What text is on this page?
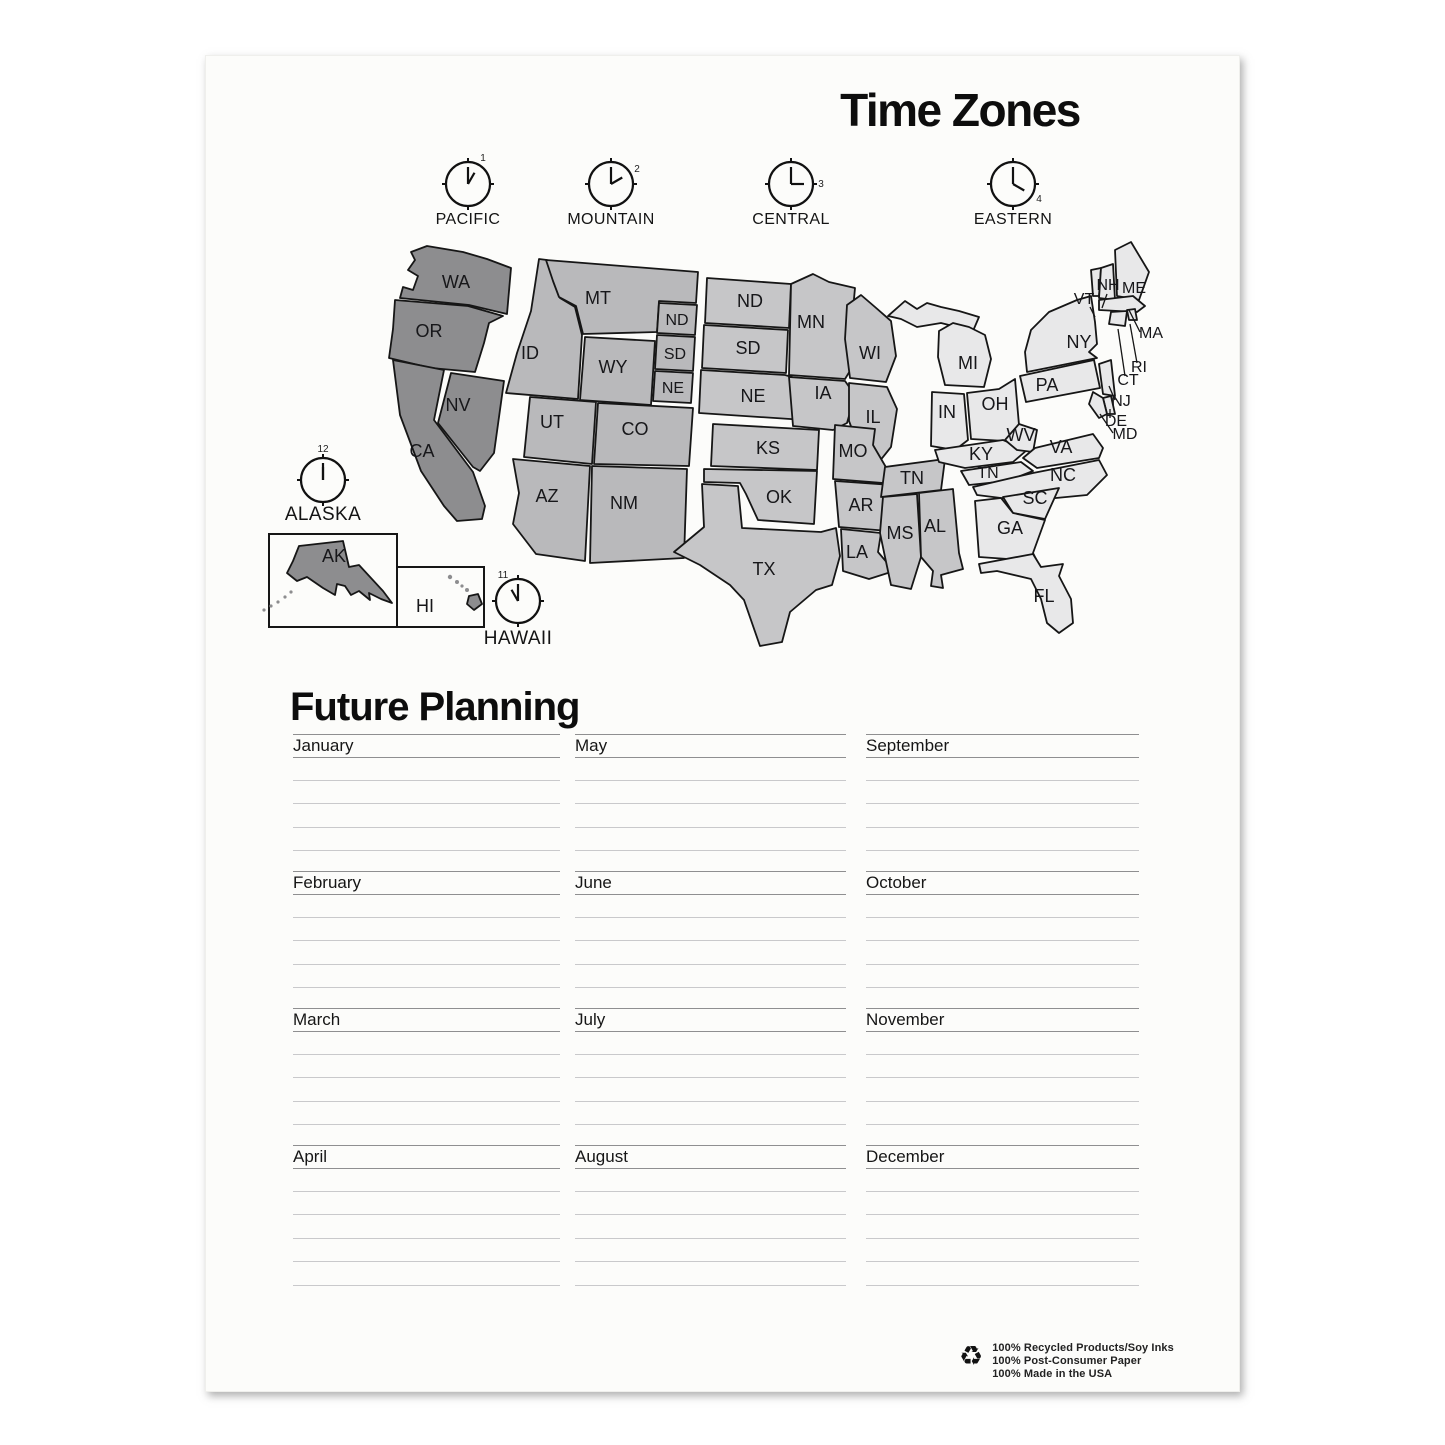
Time Zones
1
PACIFIC
2
MOUNTAIN
3
CENTRAL
4
EASTERN
WA
OR
NV
CA
MT
ID
WY
UT	CO
AZ	NM
ND
SD
NE
ND
SD
NE
KS
OK
TX
MN
IA
WI
IL
MO
AR
LA
TN
MS AL
MI
IN OH
KY
WV
VA
PA
NY
TN	NC
SC
GA
FL
VT
NH ME
MA
RI
CT
NJ
DE
MD
AK
HI
12
ALASKA
11
HAWAII
Future Planning
January
February
March
April
May
June
July
August
September
October
November
December
♻ 100% Recycled Products/Soy Inks
100% Post-Consumer Paper
100% Made in the USA
